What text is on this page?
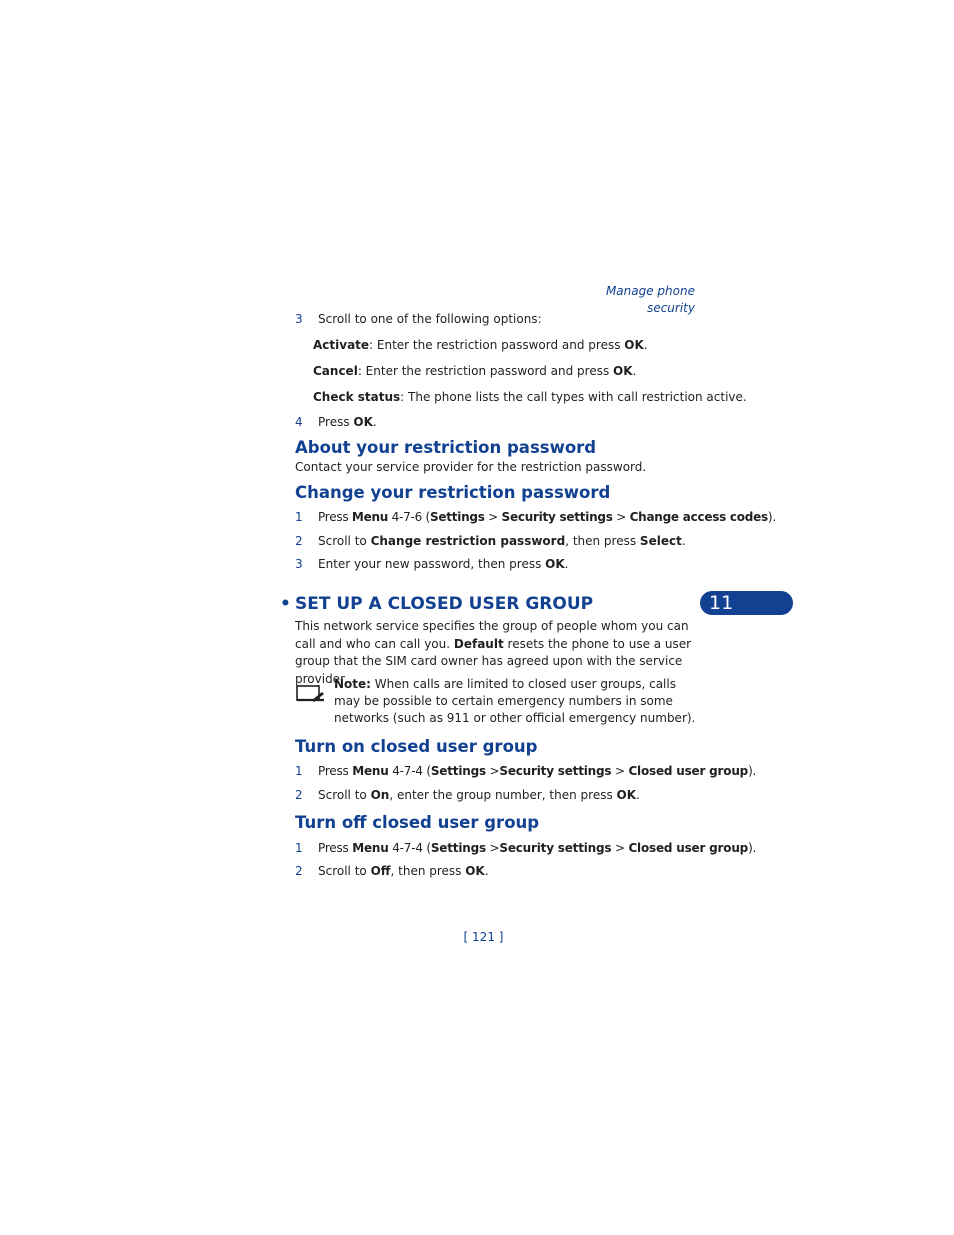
Manage phone security
3	Scroll to one of the following options:
Activate: Enter the restriction password and press OK.
Cancel: Enter the restriction password and press OK.
Check status: The phone lists the call types with call restriction active.
4	Press OK.
About your restriction password
Contact your service provider for the restriction password.
Change your restriction password
1	Press Menu 4-7-6 (Settings > Security settings > Change access codes).
2	Scroll to Change restriction password, then press Select.
3	Enter your new password, then press OK.
11
• SET UP A CLOSED USER GROUP
This network service specifies the group of people whom you can call and who can call you. Default resets the phone to use a user group that the SIM card owner has agreed upon with the service provider.
Note: When calls are limited to closed user groups, calls may be possible to certain emergency numbers in some networks (such as 911 or other official emergency number).
Turn on closed user group
1	Press Menu 4-7-4 (Settings >Security settings > Closed user group).
2	Scroll to On, enter the group number, then press OK.
Turn off closed user group
1	Press Menu 4-7-4 (Settings >Security settings > Closed user group).
2	Scroll to Off, then press OK.
[ 121 ]
